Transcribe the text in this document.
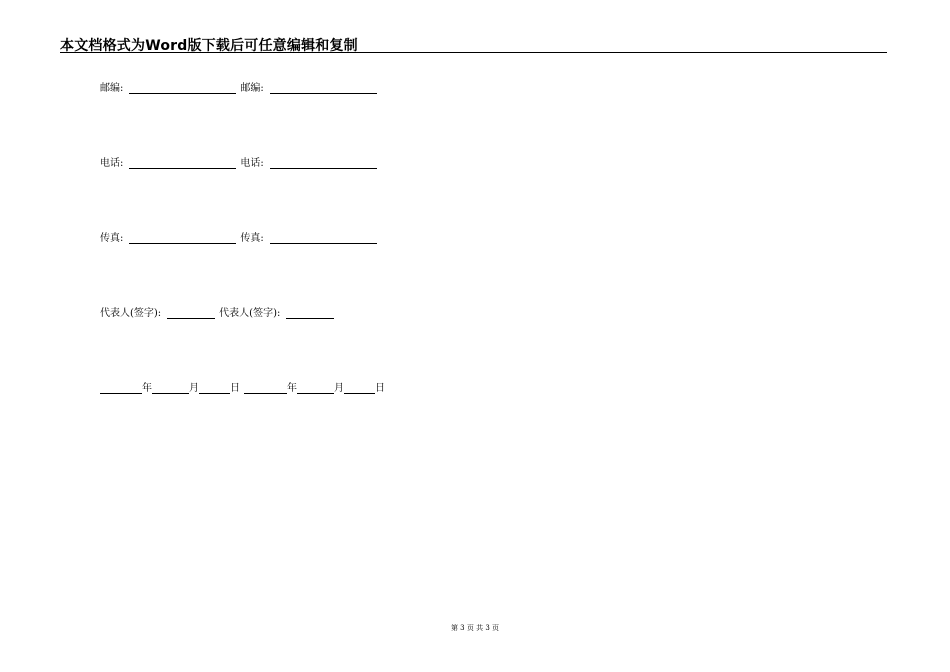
本文档格式为Word版下载后可任意编辑和复制
邮编:	邮编:
电话:	电话:
传真:	传真:
代表人(签字):	代表人(签字):
年	月	日	年	月	日
第 3 页 共 3 页
